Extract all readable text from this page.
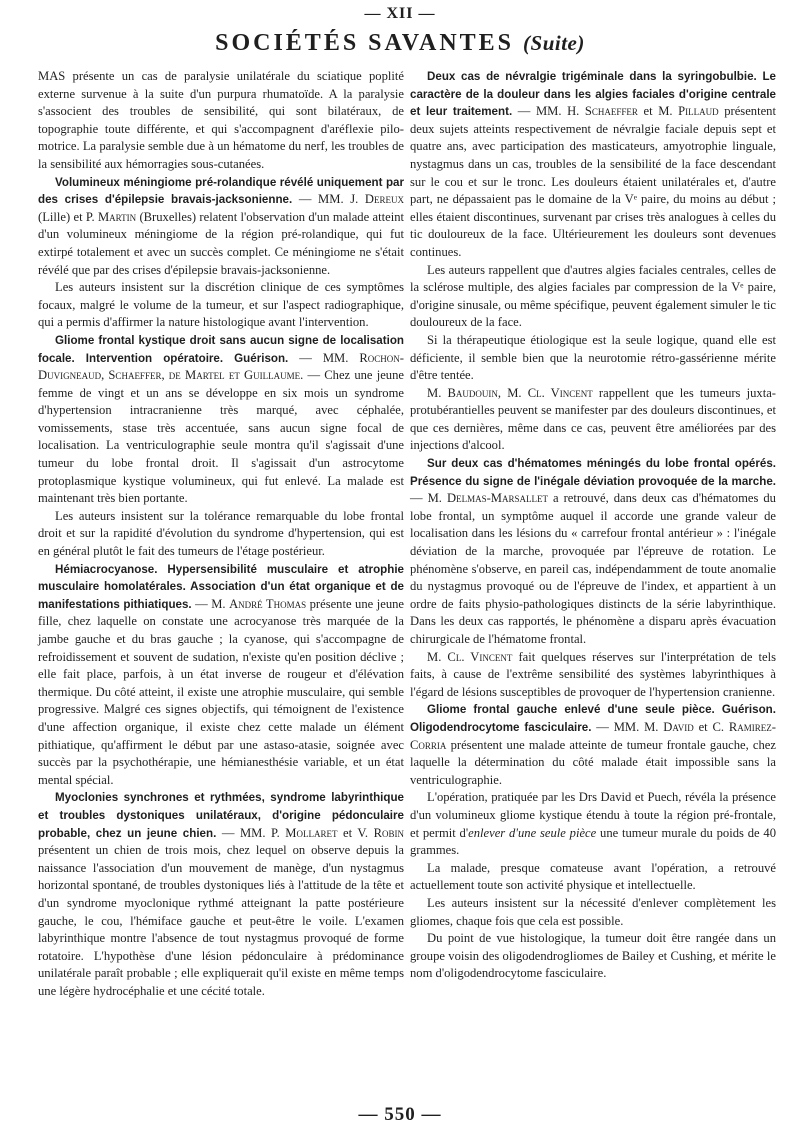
— XII —
SOCIÉTÉS SAVANTES (Suite)

MAS présente un cas de paralysie unilatérale du sciatique poplité externe survenue à la suite d'un purpura rhumatoïde. A la paralysie s'associent des troubles de sensibilité, qui sont bilatéraux, de topographie toute différente, et qui s'accompagnent d'aréflexie pilo-motrice. La paralysie semble due à un hématome du nerf, les troubles de la sensibilité aux hémorragies sous-cutanées.

Volumineux méningiome pré-rolandique révélé uniquement par des crises d'épilepsie bravais-jacksonienne. — MM. J. Dereux (Lille) et P. Martin (Bruxelles) relatent l'observation d'un malade atteint d'un volumineux méningiome de la région pré-rolandique, qui fut extirpé totalement et avec un succès complet. Ce méningiome ne s'était révélé que par des crises d'épilepsie bravais-jacksonienne.

Les auteurs insistent sur la discrétion clinique de ces symptômes focaux, malgré le volume de la tumeur, et sur l'aspect radiographique, qui a permis d'affirmer la nature histologique avant l'intervention.

Gliome frontal kystique droit sans aucun signe de localisation focale. Intervention opératoire. Guérison. — MM. Rochon-Duvigneaud, Schaeffer, de Martel et Guillaume. — Chez une jeune femme de vingt et un ans se développe en six mois un syndrome d'hypertension intracranienne très marqué, avec céphalée, vomissements, stase très accentuée, sans aucun signe focal de localisation. La ventriculographie seule montra qu'il s'agissait d'une tumeur du lobe frontal droit. Il s'agissait d'un astrocytome protoplasmique kystique volumineux, qui fut enlevé. La malade est maintenant très bien portante.

Les auteurs insistent sur la tolérance remarquable du lobe frontal droit et sur la rapidité d'évolution du syndrome d'hypertension, qui est en général plutôt le fait des tumeurs de l'étage postérieur.

Hémiacrocyanose. Hypersensibilité musculaire et atrophie musculaire homolatérales. Association d'un état organique et de manifestations pithiatiques. — M. André Thomas présente une jeune fille, chez laquelle on constate une acrocyanose très marquée de la jambe gauche et du bras gauche ; la cyanose, qui s'accompagne de refroidissement et souvent de sudation, n'existe qu'en position déclive ; elle fait place, parfois, à un état inverse de rougeur et d'élévation thermique. Du côté atteint, il existe une atrophie musculaire, qui semble progressive. Malgré ces signes objectifs, qui témoignent de l'existence d'une affection organique, il existe chez cette malade un élément pithiatique, qu'affirment le début par une astaso-atasie, soignée avec succès par la psychothérapie, une hémianesthésie variable, et un état mental spécial.

Myoclonies synchrones et rythmées, syndrome labyrinthique et troubles dystoniques unilatéraux, d'origine pédonculaire probable, chez un jeune chien. — MM. P. Mollaret et V. Robin présentent un chien de trois mois, chez lequel on observe depuis la naissance l'association d'un mouvement de manège, d'un nystagmus horizontal spontané, de troubles dystoniques liés à l'attitude de la tête et d'un syndrome myoclonique rythmé atteignant la patte postérieure gauche, le cou, l'hémiface gauche et peut-être le voile. L'examen labyrinthique montre l'absence de tout nystagmus provoqué de forme rotatoire. L'hypothèse d'une lésion pédonculaire à prédominance unilatérale paraît probable ; elle expliquerait qu'il existe en même temps une légère hydrocéphalie et une cécité totale.

Deux cas de névralgie trigéminale dans la syringobulbie. Le caractère de la douleur dans les algies faciales d'origine centrale et leur traitement. — MM. H. Schaeffer et M. Pillaud présentent deux sujets atteints respectivement de névralgie faciale depuis sept et quatre ans, avec participation des masticateurs, amyotrophie linguale, nystagmus dans un cas, troubles de la sensibilité de la face descendant sur le cou et sur le tronc. Les douleurs étaient unilatérales et, d'autre part, ne dépassaient pas le domaine de la Vᵉ paire, du moins au début ; elles étaient discontinues, survenant par crises très analogues à celles du tic douloureux de la face. Ultérieurement les douleurs sont devenues continues.

Les auteurs rappellent que d'autres algies faciales centrales, celles de la sclérose multiple, des algies faciales par compression de la Vᵉ paire, d'origine sinusale, ou même spécifique, peuvent également simuler le tic douloureux de la face.

Si la thérapeutique étiologique est la seule logique, quand elle est déficiente, il semble bien que la neurotomie rétro-gassérienne mérite d'être tentée.

M. Baudouin, M. Cl. Vincent rappellent que les tumeurs juxta-protubérantielles peuvent se manifester par des douleurs discontinues, et que ces dernières, même dans ce cas, peuvent être améliorées par des injections d'alcool.

Sur deux cas d'hématomes méningés du lobe frontal opérés. Présence du signe de l'inégale déviation provoquée de la marche. — M. Delmas-Marsallet a retrouvé, dans deux cas d'hématomes du lobe frontal, un symptôme auquel il accorde une grande valeur de localisation dans les lésions du « carrefour frontal antérieur » : l'inégale déviation de la marche, provoquée par l'épreuve de rotation. Le phénomène s'observe, en pareil cas, indépendamment de toute anomalie du nystagmus provoqué ou de l'épreuve de l'index, et appartient à un ordre de faits physio-pathologiques distincts de la série labyrinthique. Dans les deux cas rapportés, le phénomène a disparu après évacuation chirurgicale de l'hématome frontal.

M. Cl. Vincent fait quelques réserves sur l'interprétation de tels faits, à cause de l'extrême sensibilité des systèmes labyrinthiques à l'égard de lésions susceptibles de provoquer de l'hypertension cranienne.

Gliome frontal gauche enlevé d'une seule pièce. Guérison. Oligodendrocytome fasciculaire. — MM. M. David et C. Ramirez-Corria présentent une malade atteinte de tumeur frontale gauche, chez laquelle la détermination du côté malade était impossible sans la ventriculographie.

L'opération, pratiquée par les Drs David et Puech, révéla la présence d'un volumineux gliome kystique étendu à toute la région pré-frontale, et permit d'enlever d'une seule pièce une tumeur murale du poids de 40 grammes.

La malade, presque comateuse avant l'opération, a retrouvé actuellement toute son activité physique et intellectuelle.

Les auteurs insistent sur la nécessité d'enlever complètement les gliomes, chaque fois que cela est possible.

Du point de vue histologique, la tumeur doit être rangée dans un groupe voisin des oligodendrogliomes de Bailey et Cushing, et mérite le nom d'oligodendrocytome fasciculaire.

— 550 —
